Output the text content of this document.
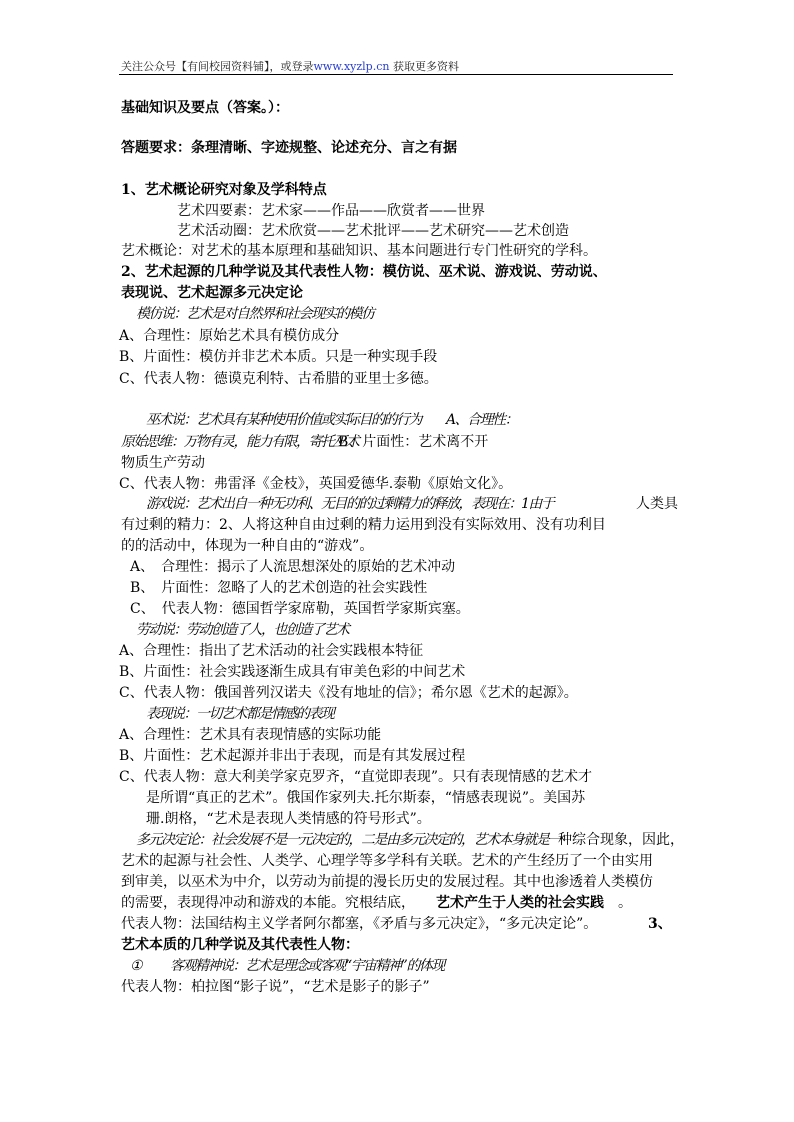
关注公众号【有间校园资料铺】，或登录www.xyzlp.cn 获取更多资料
基础知识及要点（答案。）：
答题要求：条理清晰、字迹规整、论述充分、言之有据
1、艺术概论研究对象及学科特点
艺术四要素：艺术家——作品——欣赏者——世界
艺术活动圈：艺术欣赏——艺术批评——艺术研究——艺术创造
艺术概论：对艺术的基本原理和基础知识、基本问题进行专门性研究的学科。
2、艺术起源的几种学说及其代表性人物：模仿说、巫术说、游戏说、劳动说、
表现说、艺术起源多元决定论
模仿说：艺术是对自然界和社会现实的模仿
A、合理性：原始艺术具有模仿成分
B、片面性：模仿并非艺术本质。只是一种实现手段
C、代表人物：德谟克利特、古希腊的亚里士多德。
巫术说：艺术具有某种使用价值或实际目的的行为 A、合理性：
原始思维：万物有灵，能力有限，寄托巫术
B、片面性：艺术离不开
物质生产劳动
C、代表人物：弗雷泽《金枝》，英国爱德华.泰勒《原始文化》。
游戏说：艺术出自一种无功利、无目的的过剩精力的释放，表现在：1由于	人类具
有过剩的精力：2、人将这种自由过剩的精力运用到没有实际效用、没有功利目
的的活动中，体现为一种自由的“游戏”。
A、　合理性：揭示了人流思想深处的原始的艺术冲动
B、　片面性：忽略了人的艺术创造的社会实践性
C、　代表人物：德国哲学家席勒，英国哲学家斯宾塞。
劳动说：劳动创造了人，也创造了艺术
A、合理性：指出了艺术活动的社会实践根本特征
B、片面性：社会实践逐渐生成具有审美色彩的中间艺术
C、代表人物：俄国普列汉诺夫《没有地址的信》；希尔恩《艺术的起源》。
表现说：一切艺术都是情感的表现
A、合理性：艺术具有表现情感的实际功能
B、片面性：艺术起源并非出于表现，而是有其发展过程
C、代表人物：意大利美学家克罗齐，“直觉即表现”。只有表现情感的艺术才
是所谓“真正的艺术”。俄国作家列夫.托尔斯泰，“情感表现说”。美国苏
珊.朗格，“艺术是表现人类情感的符号形式”。
多元决定论：社会发展不是一元决定的，二是由多元决定的，艺术本身就是一
种综合现象，因此，
艺术的起源与社会性、人类学、心理学等多学科有关联。艺术的产生经历了一个由实用
到审美，以巫术为中介，以劳动为前提的漫长历史的发展过程。其中也渗透着人类模仿
的需要，表现得冲动和游戏的本能。究根结底， 艺术产生于人类的社会实践 。
代表人物：法国结构主义学者阿尔都塞，《矛盾与多元决定》，“多元决定论”。	3、
艺术本质的几种学说及其代表性人物：
① 客观精神说：艺术是理念或客观“宇宙精神”的体现
代表人物：柏拉图“影子说”，“艺术是影子的影子”
